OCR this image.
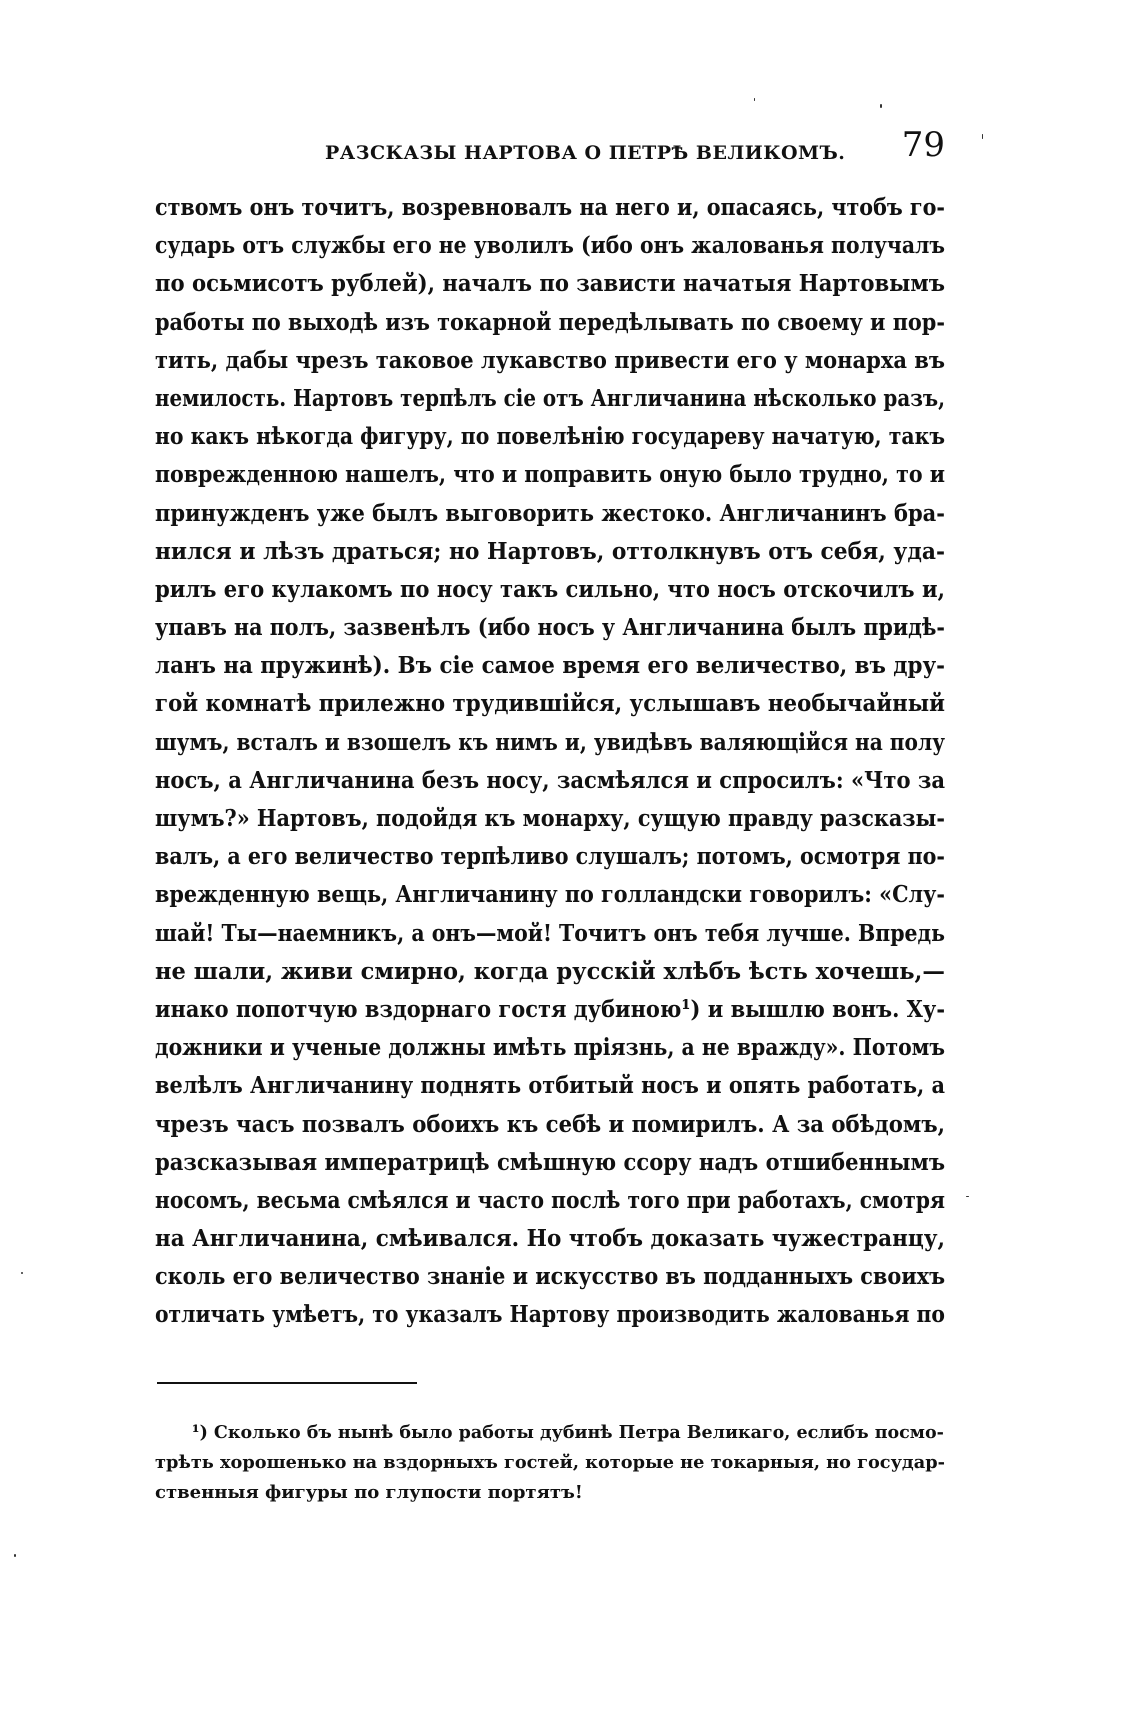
РАЗСКАЗЫ НАРТОВА О ПЕТРѢ ВЕЛИКОМЪ. 79
ствомъ онъ точитъ, возревновалъ на него и, опасаясь, чтобъ го-
сударь отъ службы его не уволилъ (ибо онъ жалованья получалъ
по осьмисотъ рублей), началъ по зависти начатыя Нартовымъ
работы по выходѣ изъ токарной передѣлывать по своему и пор-
тить, дабы чрезъ таковое лукавство привести его у монарха въ
немилость. Нартовъ терпѣлъ сіе отъ Англичанина нѣсколько разъ,
но какъ нѣкогда фигуру, по повелѣнію государеву начатую, такъ
поврежденною нашелъ, что и поправить оную было трудно, то и
принужденъ уже былъ выговорить жестоко. Англичанинъ бра-
нился и лѣзъ драться; но Нартовъ, оттолкнувъ отъ себя, уда-
рилъ его кулакомъ по носу такъ сильно, что носъ отскочилъ и,
упавъ на полъ, зазвенѣлъ (ибо носъ у Англичанина былъ придѣ-
ланъ на пружинѣ). Въ сіе самое время его величество, въ дру-
гой комнатѣ прилежно трудившійся, услышавъ необычайный
шумъ, всталъ и взошелъ къ нимъ и, увидѣвъ валяющійся на полу
носъ, а Англичанина безъ носу, засмѣялся и спросилъ: «Что за
шумъ?» Нартовъ, подойдя къ монарху, сущую правду разсказы-
валъ, а его величество терпѣливо слушалъ; потомъ, осмотря по-
врежденную вещь, Англичанину по голландски говорилъ: «Слу-
шай! Ты—наемникъ, а онъ—мой! Точитъ онъ тебя лучше. Впредь
не шали, живи смирно, когда русскій хлѣбъ ѣсть хочешь,—
инако попотчую вздорнаго гостя дубиною¹) и вышлю вонъ. Ху-
дожники и ученые должны имѣть пріязнь, а не вражду». Потомъ
велѣлъ Англичанину поднять отбитый носъ и опять работать, а
чрезъ часъ позвалъ обоихъ къ себѣ и помирилъ. А за обѣдомъ,
разсказывая императрицѣ смѣшную ссору надъ отшибеннымъ
носомъ, весьма смѣялся и часто послѣ того при работахъ, смотря
на Англичанина, смѣивался. Но чтобъ доказать чужестранцу,
сколь его величество знаніе и искусство въ подданныхъ своихъ
отличать умѣетъ, то указалъ Нартову производить жалованья по
¹) Сколько бъ нынѣ было работы дубинѣ Петра Великаго, еслибъ посмо-
трѣть хорошенько на вздорныхъ гостей, которые не токарныя, но государ-
ственныя фигуры по глупости портятъ!
